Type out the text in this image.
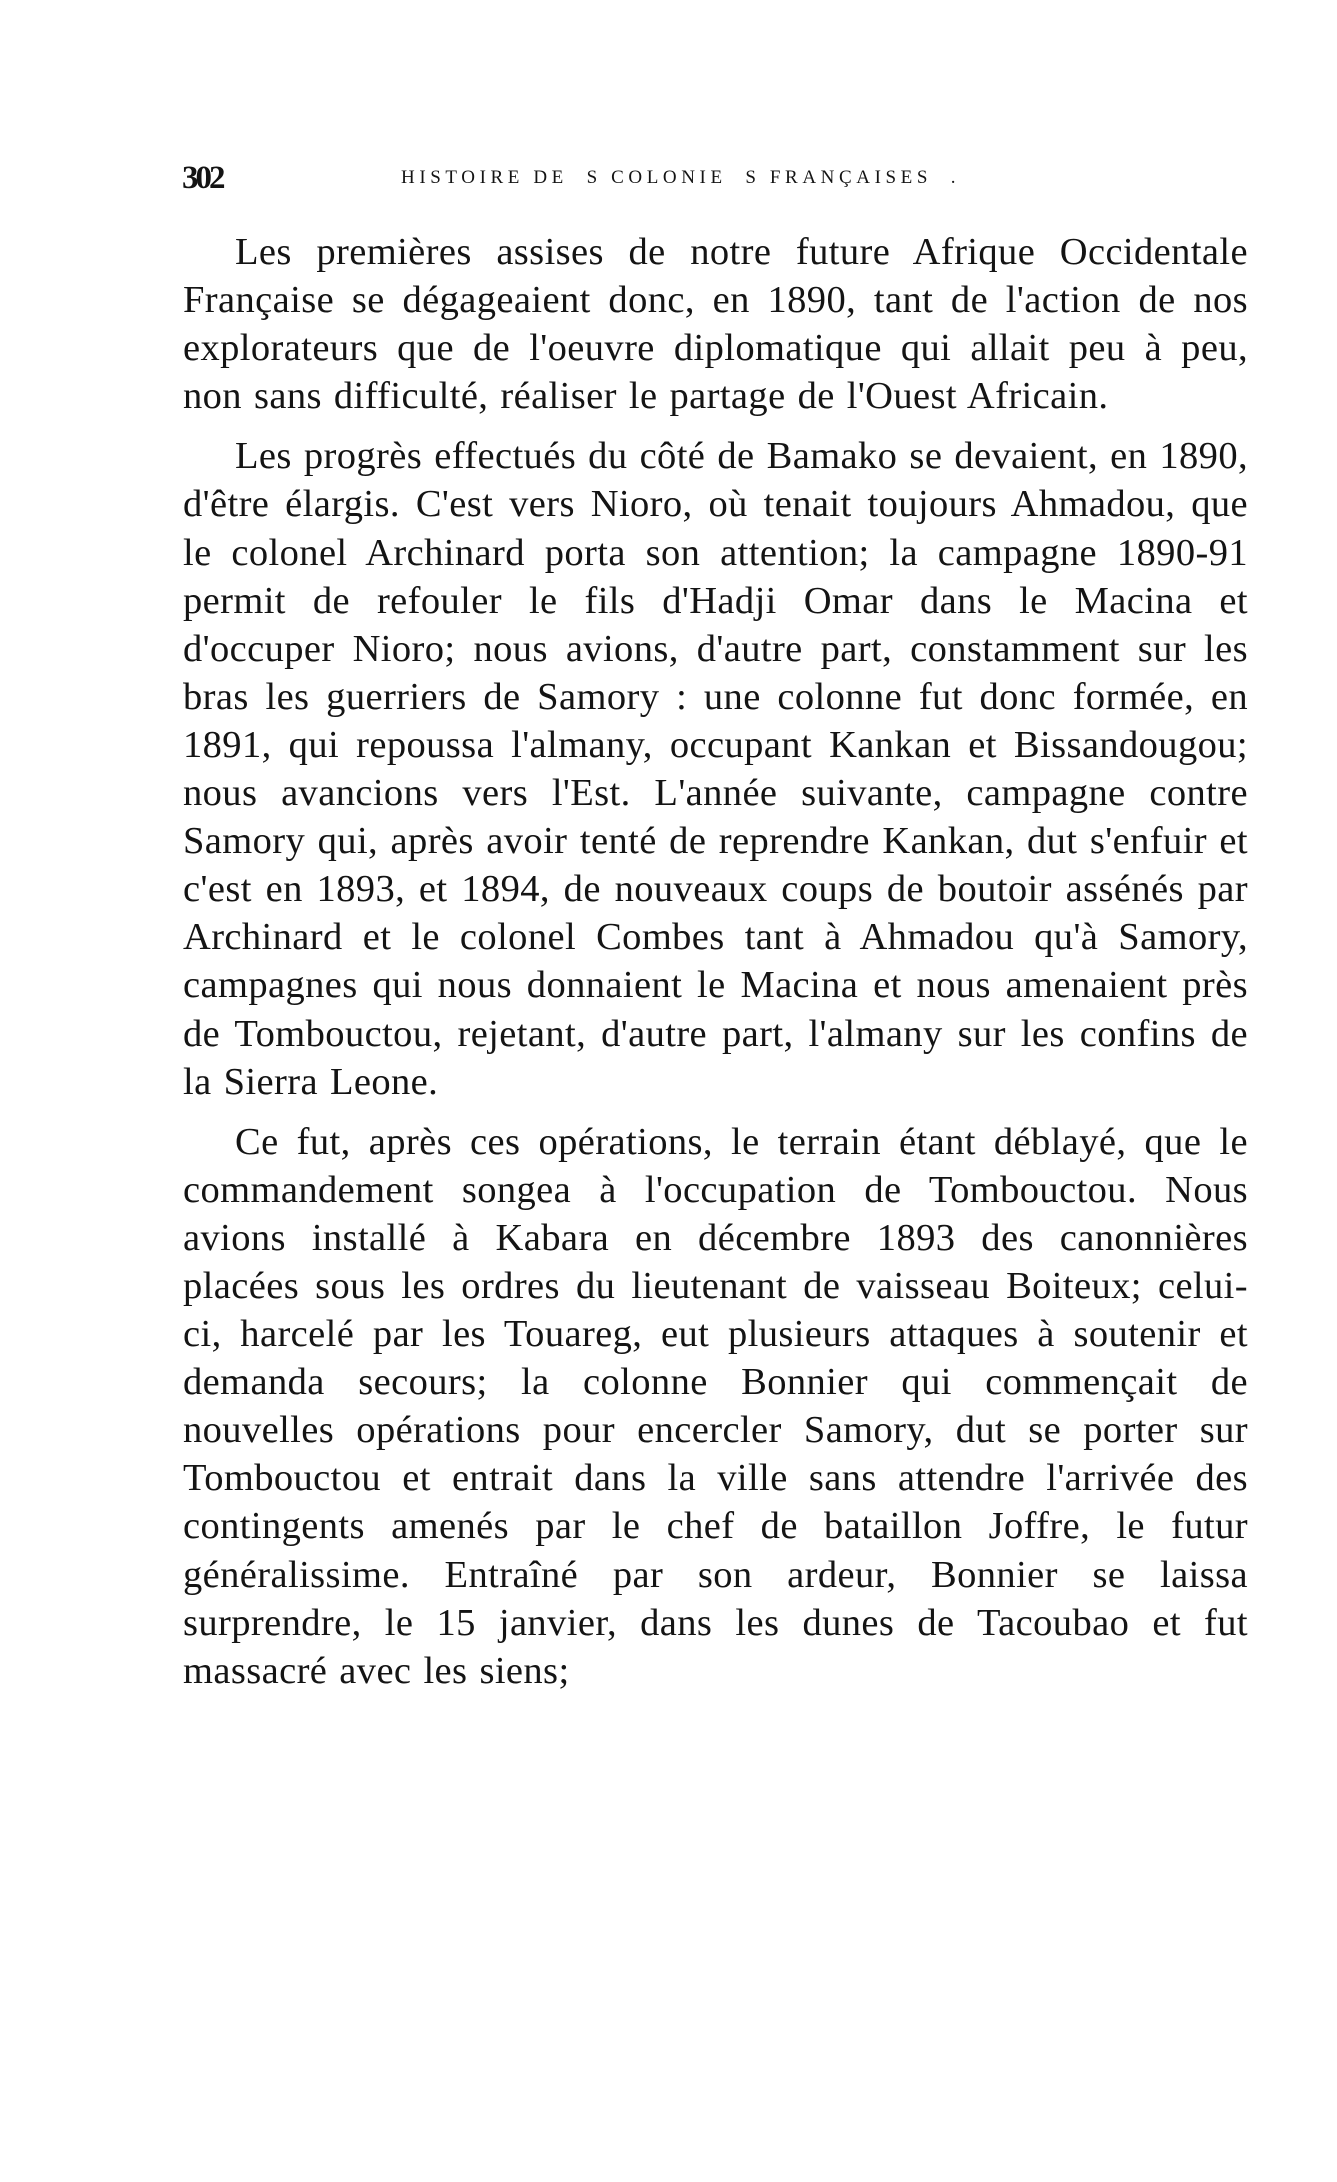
302	HISTOIRE DE  S COLONIE  S FRANÇAISES  .

Les premières assises de notre future Afrique Occidentale Française se dégageaient donc, en 1890, tant de l'action de nos explorateurs que de l'oeuvre diplomatique qui allait peu à peu, non sans difficulté, réaliser le partage de l'Ouest Africain.

Les progrès effectués du côté de Bamako se devaient, en 1890, d'être élargis. C'est vers Nioro, où tenait toujours Ahmadou, que le colonel Archinard porta son attention; la campagne 1890-91 permit de refouler le fils d'Hadji Omar dans le Macina et d'occuper Nioro; nous avions, d'autre part, constamment sur les bras les guerriers de Samory : une colonne fut donc formée, en 1891, qui repoussa l'almany, occupant Kankan et Bissandougou; nous avancions vers l'Est. L'année suivante, campagne contre Samory qui, après avoir tenté de reprendre Kankan, dut s'enfuir et c'est en 1893, et 1894, de nouveaux coups de boutoir assénés par Archinard et le colonel Combes tant à Ahmadou qu'à Samory, campagnes qui nous donnaient le Macina et nous amenaient près de Tombouctou, rejetant, d'autre part, l'almany sur les confins de la Sierra Leone.

Ce fut, après ces opérations, le terrain étant déblayé, que le commandement songea à l'occupation de Tombouctou. Nous avions installé à Kabara en décembre 1893 des canonnières placées sous les ordres du lieutenant de vaisseau Boiteux; celui-ci, harcelé par les Touareg, eut plusieurs attaques à soutenir et demanda secours; la colonne Bonnier qui commençait de nouvelles opérations pour encercler Samory, dut se porter sur Tombouctou et entrait dans la ville sans attendre l'arrivée des contingents amenés par le chef de bataillon Joffre, le futur généralissime. Entraîné par son ardeur, Bonnier se laissa surprendre, le 15 janvier, dans les dunes de Tacoubao et fut massacré avec les siens;
